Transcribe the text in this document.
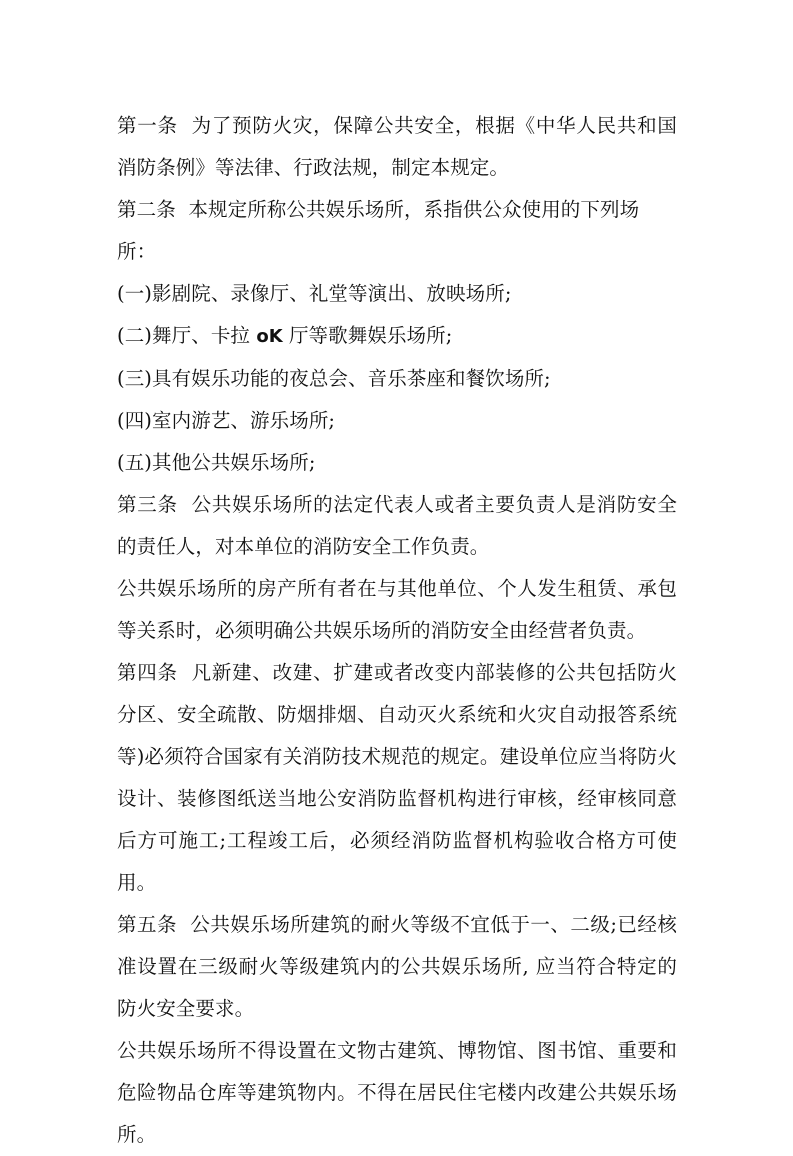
第一条  为了预防火灾，保障公共安全，根据《中华人民共和国消防条例》等法律、行政法规，制定本规定。

第二条  本规定所称公共娱乐场所，系指供公众使用的下列场所：

(一)影剧院、录像厅、礼堂等演出、放映场所;

(二)舞厅、卡拉 oK 厅等歌舞娱乐场所;

(三)具有娱乐功能的夜总会、音乐茶座和餐饮场所;

(四)室内游艺、游乐场所;

(五)其他公共娱乐场所;

第三条  公共娱乐场所的法定代表人或者主要负责人是消防安全的责任人，对本单位的消防安全工作负责。

公共娱乐场所的房产所有者在与其他单位、个人发生租赁、承包等关系时，必须明确公共娱乐场所的消防安全由经营者负责。

第四条  凡新建、改建、扩建或者改变内部装修的公共包括防火分区、安全疏散、防烟排烟、自动灭火系统和火灾自动报答系统等)必须符合国家有关消防技术规范的规定。建设单位应当将防火设计、装修图纸送当地公安消防监督机构进行审核，经审核同意后方可施工;工程竣工后，必须经消防监督机构验收合格方可使用。

第五条  公共娱乐场所建筑的耐火等级不宜低于一、二级;已经核准设置在三级耐火等级建筑内的公共娱乐场所, 应当符合特定的防火安全要求。

公共娱乐场所不得设置在文物古建筑、博物馆、图书馆、重要和危险物品仓库等建筑物内。不得在居民住宅楼内改建公共娱乐场所。
